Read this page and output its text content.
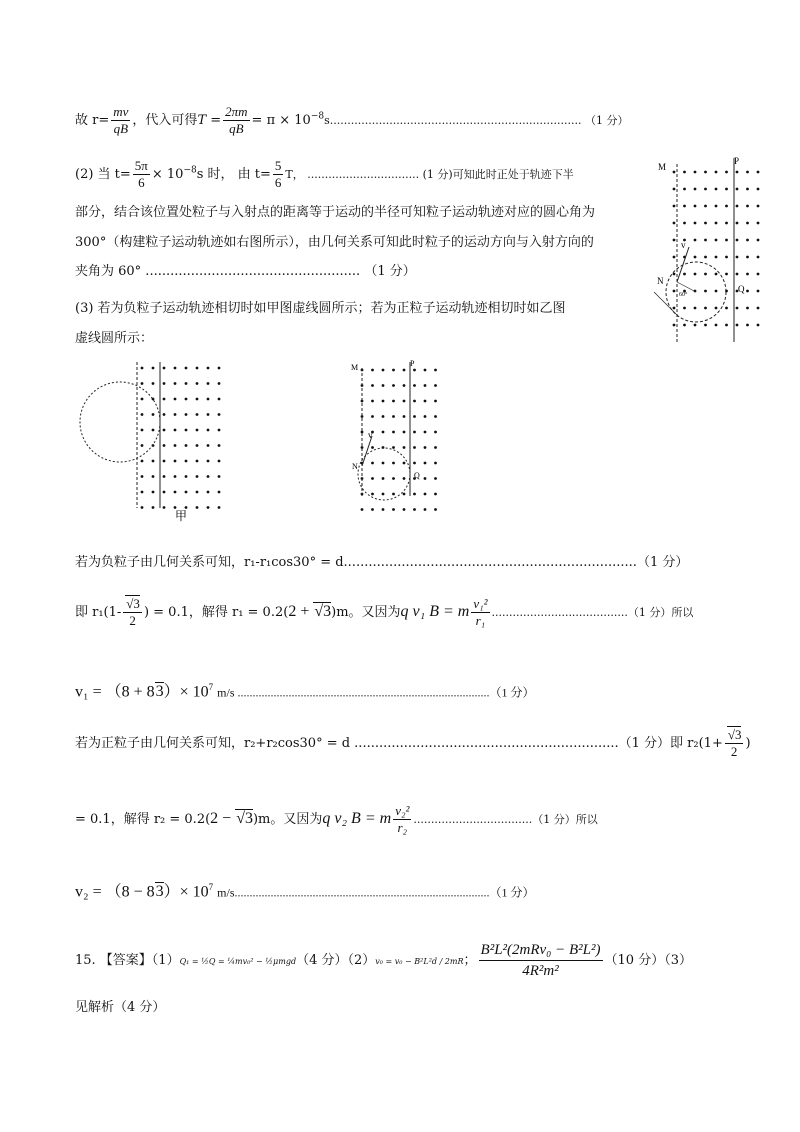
故 $r= \frac{mv}{qB}$ ，代入可得$T = \frac{2\pi m}{qB} = \pi \times 10^{-8}s$........................................................................ （1 分）
(2) 当 $t= \frac{5\pi}{6} \times 10^{-8}s$ 时， 由 $t= \frac{5}{6}$ T， ................................ (1 分)可知此时正处于轨迹下半
部分，结合该位置处粒子与入射点的距离等于运动的半径可知粒子运动轨迹对应的圆心角为
300°（构建粒子运动轨迹如右图所示），由几何关系可知此时粒子的运动方向与入射方向的
夹角为 60° .................................................... （1 分）
(3) 若为负粒子运动轨迹相切时如甲图虚线圆所示；若为正粒子运动轨迹相切时如乙图
虚线圆所示：
M
P
v
N
Q
60°
甲
M	P
v
N
Q
若为负粒子由几何关系可知，r₁-r₁cos30° = d.......................................................................（1 分）
即 $r_1(1- \frac{√3}{2}$ ) = 0.1，解得 r₁ = 0.2(2 + √3)m。又因为q v₁ B = m $\frac{\text{v₁²}}{\text{r₁}} .......................................(1$ 分）所以
$v_1 = (8 + 83)\times 10^7$ m/s ....................................................................................（1 分）
若为正粒子由几何关系可知，r₂+r₂cos30° = d ................................................................（1 分）即 $r_2(1+ \frac{√3}{2}$ )
= 0.1，解得 r₂ = 0.2(2 − √3)m。又因为q v₂ B = m $\frac{\text{v₂²}}{\text{r₂}} ..................................(1$ 分）所以
$v_2 = (8 - 83)\times 10^7$ m/s.....................................................................................（1 分）
15. 【答案】（1）Q₁ = ½Q = ¼mv₀² − ½μmgd（4 分）（2）v₀ = v₀ − B²L²d / 2mR； $\frac{\text{B²L²(2mRv₀ − B²L²)}}{\text{4R²m²}} (10$ 分）（3）
见解析（4 分）
